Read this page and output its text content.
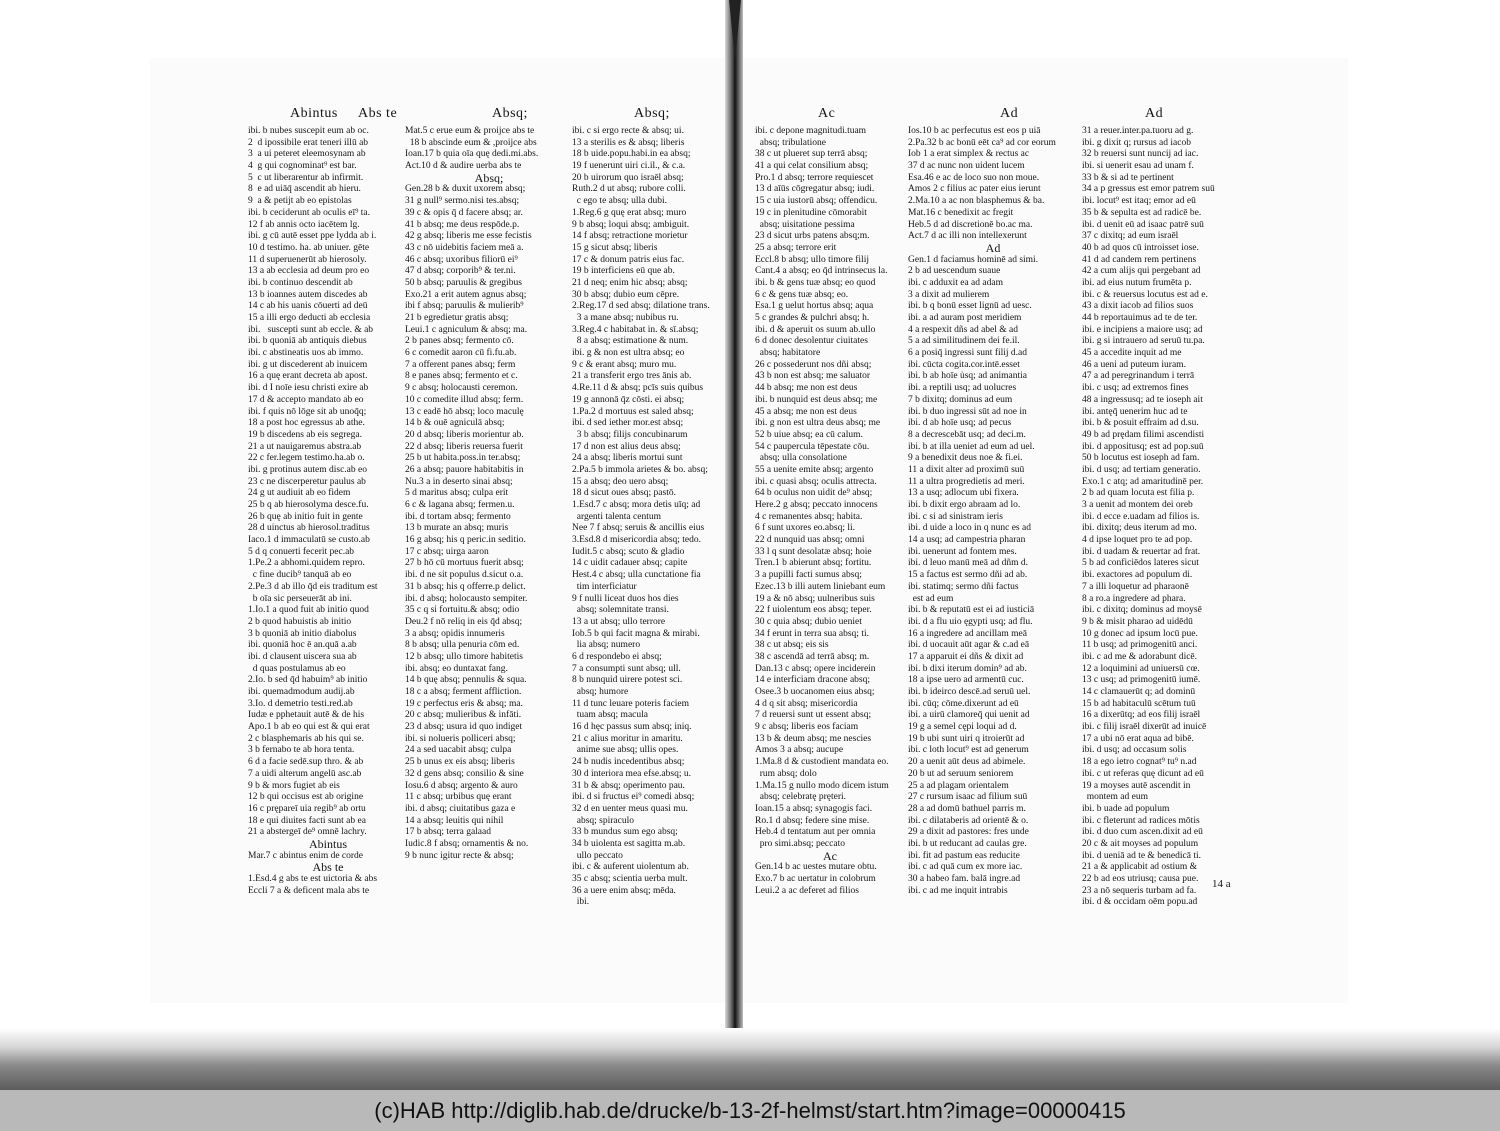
Abintus Abs te
ibi. b nubes suscepit eum ab oc.
2  d ipossibile erat teneri illū ab
3  a ui peteret eleemosynam ab
4  g qui cognominat⁹ est bar.
5  c ut liberarentur ab infirmit.
8  e ad uiāq̄ ascendit ab hieru.
9  a & petijt ab eo epistolas
ibi. b ceciderunt ab oculis eī⁹ ta.
12 f ab annis octo iacētem lg.
ibi. g cū autē esset ppe lydda ab i.
10 d testimo. ha. ab uniuer. gēte
11 d superuenerūt ab hierosoly.
13 a ab ecclesia ad deum pro eo
ibi. b continuo descendit ab
13 b ioannes autem discedes ab
14 c ab his uanis cōuerti ad deū
15 a illi ergo deducti ab ecclesia
ibi.   suscepti sunt ab eccle. & ab
ibi. b quoniā ab antiquis diebus
ibi. c abstineatis uos ab immo.
ibi. g ut discederent ab inuicem
16 a quę erant decreta ab apost.
ibi. d I noīe iesu christi exire ab
17 d & accepto mandato ab eo
ibi. f quis nō lōge sit ab unoq̄q;
18 a post hoc egressus ab athe.
19 b discedens ab eis segrega.
21 a ut nauigaremus abstra.ab
22 c fer.legem testimo.ha.ab o.
ibi. g protinus autem disc.ab eo
23 c ne discerperetur paulus ab
24 g ut audiuit ab eo fidem
25 b q ab hierosolyma desce.fu.
26 b quę ab initio fuit in gente
28 d uinctus ab hierosol.traditus
Iaco.1 d immaculatū se custo.ab
5 d q conuerti fecerit pec.ab
1.Pe.2 a abhomi.quidem repro.
c fine ducib⁹ tanquā ab eo
2.Pe.3 d ab illo q̄d eis traditum est
b oīa sic perseuerāt ab ini.
1.Io.1 a quod fuit ab initio quod
2 b quod habuistis ab initio
3 b quoniā ab initio diabolus
ibi. quoniā hoc ē an.quā a.ab
ibi. d clausent uiscera sua ab
d quas postulamus ab eo
2.Io. b sed q̄d habuim⁹ ab initio
ibi. quemadmodum audij.ab
3.Io. d demetrio testi.red.ab
Iudæ e pphetauit autē & de his
Apo.1 b ab eo qui est & qui erat
2 c blasphemaris ab his qui se.
3 b fernabo te ab hora tenta.
6 d a facie sedē.sup thro. & ab
7 a uidi alterum angelū asc.ab
9 b & mors fugiet ab eis
12 b qui occisus est ab origine
16 c prępareī uia regib⁹ ab ortu
18 e qui diuites facti sunt ab ea
21 a abstergeī de⁹ omnē lachry.
Abintus
Mar.7 c abintus enim de corde
Abs te
1.Esd.4 g abs te est uictoria & abs
Eccli 7 a & deficent mala abs te
Absq;
Mat.5 c erue eum & proijce abs te
18 b abscinde eum & ,proijce abs
Ioan.17 b quia oīa quę dedi.mi.abs.
Act.10 d & audire uerba abs te
Absq;
Gen.28 b & duxit uxorem absq;
31 g null⁹ sermo.nisi tes.absq;
39 c & opis q̄ d facere absq; ar.
41 b absq; me deus respōde.p.
42 g absq; liberis me esse fecistis
43 c nō uidebitis faciem meā a.
46 c absq; uxoribus filiorū ei⁹
47 d absq; corporib⁹ & ter.ni.
50 b absq; paruulis & gregibus
Exo.21 a erit autem agnus absq;
ibi f absq; paruulis & mulierib⁹
21 b egredietur gratis absq;
Leui.1 c agniculum & absq; ma.
2 b panes absq; fermento cō.
6 c comedit aaron cū fi.fu.ab.
7 a offerent panes absq; ferm
8 e panes absq; fermento et c.
9 c absq; holocausti ceremon.
10 c comedite illud absq; ferm.
13 c eadē hō absq; loco maculę
14 b & ouē agniculā absq;
20 d absq; liberis morientur ab.
22 d absq; liberis reuersa fuerit
25 b ut habita.poss.in ter.absq;
26 a absq; pauore habitabitis in
Nu.3 a in deserto sinai absq;
5 d maritus absq; culpa erit
6 c & lagana absq; fermen.u.
ibi. d tortam absq; fermento
13 b murate an absq; muris
16 g absq; his q peric.in seditio.
17 c absq; uirga aaron
27 b hō cū mortuus fuerit absq;
ibi. d ne sit populus d.sicut o.a.
31 b absq; his q offerre.p delict.
ibi. d absq; holocausto sempiter.
35 c q si fortuitu.& absq; odio
Deu.2 f nō reliq in eis q̄d absq;
3 a absq; opidis innumeris
8 b absq; ulla penuria cōm ed.
12 b absq; ullo timore habitetis
ibi. absq; eo duntaxat fang.
14 b quę absq; pennulis & squa.
18 c a absq; ferment affliction.
19 c perfectus eris & absq; ma.
20 c absq; mulieribus & infāti.
23 d absq; usura id quo indiget
ibi. si nolueris polliceri absq;
24 a sed uacabit absq; culpa
25 b unus ex eis absq; liberis
32 d gens absq; consilio & sine
Iosu.6 d absq; argento & auro
11 c absq; urbibus quę erant
ibi. d absq; ciuitatibus gaza e
14 a absq; leuitis qui nihil
17 b absq; terra galaad
Iudic.8 f absq; ornamentis & no.
9 b nunc igitur recte & absq;
Absq;
ibi. c si ergo recte & absq; ui.
13 a sterilis es & absq; liberis
18 b uide.popu.habi.in ea absq;
19 f uenerunt uiri ci.il., & c.a.
20 b uirorum quo israēl absq;
Ruth.2 d ut absq; rubore colli.
c ego te absq; ulla dubi.
1.Reg.6 g quę erat absq; muro
9 b absq; loqui absq; ambiguit.
14 f absq; retractione morietur
15 g sicut absq; liberis
17 c & donum patris eius fac.
19 b interficiens eū que ab.
21 d neq; enim hic absq; absq;
30 b absq; dubio eum cēpre.
2.Reg.17 d sed absq; dilatione trans.
3 a mane absq; nubibus ru.
3.Reg.4 c habitabat in. & sī.absq;
8 a absq; estimatione & num.
ibi. g & non est ultra absq; eo
9 c & erant absq; muro mu.
21 a transferit ergo tres ānis ab.
4.Re.11 d & absq; pcīs suis quibus
19 g annonā q̄z cōsti. ei absq;
1.Pa.2 d mortuus est saled absq;
ibi. d sed iether mor.est absq;
3 b absq; filijs concubinarum
17 d non est alius deus absq;
24 a absq; liberis mortui sunt
2.Pa.5 b immola arietes & bo. absq;
15 a absq; deo uero absq;
18 d sicut oues absq; pastō.
1.Esd.7 c absq; mora detis uīq; ad
argenti talenta centum
Nee 7 f absq; seruis & ancillis eius
3.Esd.8 d misericordia absq; tedo.
Iudit.5 c absq; scuto & gladio
14 c uidit cadauer absq; capite
Hest.4 c absq; ulla cunctatione fia
tim interficiatur
9 f nulli liceat duos hos dies
absq; solemnitate transi.
13 a ut absq; ullo terrore
Iob.5 b qui facit magna & mirabi.
lia absq; numero
6 d respondebo ei absq;
7 a consumpti sunt absq; ull.
8 b nunquid uirere potest sci.
absq; humore
11 d tunc leuare poteris faciem
tuam absq; macula
16 d hęc passus sum absq; iniq.
21 c alius moritur in amaritu.
anime sue absq; ullis opes.
24 b nudis incedentibus absq;
30 d interiora mea efse.absq; u.
31 b & absq; operimento pau.
ibi. d si fructus ei⁹ comedi absq;
32 d en uenter meus quasi mu.
absq; spiraculo
33 b mundus sum ego absq;
34 b uiolenta est sagitta m.ab.
ullo peccato
ibi. c & auferent uiolentum ab.
35 c absq; scientia uerba mult.
36 a uere enim absq; mēda.
ibi.
Ac
ibi. c depone magnitudi.tuam
absq; tribulatione
38 c ut plueret sup terrā absq;
41 a qui celat consilium absq;
Pro.1 d absq; terrore requiescet
13 d aīūs cōgregatur absq; iudi.
15 c uia iustorū absq; offendicu.
19 c in plenitudine cōmorabit
absq; uisitatione pessima
23 d sicut urbs patens absq;m.
25 a absq; terrore erit
Eccl.8 b absq; ullo timore filij
Cant.4 a absq; eo q̄d intrinsecus la.
ibi. b & gens tuæ absq; eo quod
6 c & gens tuæ absq; eo.
Esa.1 g uelut hortus absq; aqua
5 c grandes & pulchri absq; h.
ibi. d & aperuit os suum ab.ullo
6 d donec desolentur ciuitates
absq; habitatore
26 c possederunt nos dñi absq;
43 b non est absq; me saluator
44 b absq; me non est deus
ibi. b nunquid est deus absq; me
45 a absq; me non est deus
ibi. g non est ultra deus absq; me
52 b uiue absq; ea cū calum.
54 c paupercula tēpestate cōu.
absq; ulla consolatione
55 a uenite emite absq; argento
ibi. c quasi absq; oculis attrecta.
64 b oculus non uidit de⁹ absq;
Here.2 g absq; peccato innocens
4 c remanentes absq; habita.
6 f sunt uxores eo.absq; li.
22 d nunquid uas absq; omni
33 l q sunt desolatæ absq; hoie
Tren.1 b abierunt absq; fortitu.
3 a pupilli facti sumus absq;
Ezec.13 b illi autem liniebant eum
19 a & nō absq; uulneribus suis
22 f uiolentum eos absq; teper.
30 c quia absq; dubio ueniet
34 f erunt in terra sua absq; ti.
38 c ut absq; eis sis
38 c ascendā ad terrā absq; m.
Dan.13 c absq; opere inciderein
14 e interficiam dracone absq;
Osee.3 b uocanomen eius absq;
4 d q sit absq; misericordia
7 d reuersi sunt ut essent absq;
9 c absq; liberis eos faciam
13 b & deum absq; me nescies
Amos 3 a absq; aucupe
1.Ma.8 d & custodient mandata eo.
rum absq; dolo
1.Ma.15 g nullo modo dicem istum
absq; celebratę pręteri.
Ioan.15 a absq; synagogis faci.
Ro.1 d absq; federe sine mise.
Heb.4 d tentatum aut per omnia
pro simi.absq; peccato
Ac
Gen.14 b ac uestes mutare obtu.
Exo.7 b ac uertatur in colobrum
Leui.2 a ac deferet ad filios
Ad
Ios.10 b ac perfecutus est eos p uiā
2.Pa.32 b ac bonū eēt ca⁹ ad cor eorum
Iob 1 a erat simplex & rectus ac
37 d ac nunc non uident lucem
Esa.46 e ac de loco suo non moue.
Amos 2 c filius ac pater eius ierunt
2.Ma.10 a ac non blasphemus & ba.
Mat.16 c benedixit ac fregit
Heb.5 d ad discretionē bo.ac ma.
Act.7 d ac illi non intellexerunt
Ad
Gen.1 d faciamus hominē ad simi.
2 b ad uescendum suaue
ibi. c adduxit ea ad adam
3 a dixit ad mulierem
ibi. b q bonū esset lignū ad uesc.
ibi. a ad auram post meridiem
4 a respexit dñs ad abel & ad
5 a ad similitudinem dei fe.il.
6 a posiq̄ ingressi sunt filij d.ad
ibi. cūcta cogita.cor.intē.esset
ibi. b ab hoīe u̇sq; ad animantia
ibi. a reptili usq; ad uolucres
7 b dixitq; dominus ad eum
ibi. b duo ingressi sūt ad noe in
ibi. d ab hoīe usq; ad pecus
8 a decrescebāt usq; ad deci.m.
ibi. b at illa ueniet ad eum ad uel.
9 a benedixit deus noe & fi.ei.
11 a dixit alter ad proximū suū
11 a ultra progredietis ad meri.
13 a usq; adlocum ubi fixera.
ibi. b dixit ergo abraam ad lo.
ibi. c si ad sinistram ieris
ibi. d uide a loco in q nunc es ad
14 a usq; ad campestria pharan
ibi. uenerunt ad fontem mes.
ibi. d leuo manū meā ad dñm d.
15 a factus est sermo dñi ad ab.
ibi. statimq; sermo dñi factus
est ad eum
ibi. b & reputatū est ei ad iusticiā
ibi. d a flu uio ęgypti usq; ad flu.
16 a ingredere ad ancillam meā
ibi. d uocauit aūt agar & c.ad eā
17 a apparuit ei dñs & dixit ad
ibi. b dixi iterum domin⁹ ad ab.
18 a ipse uero ad armentū cuc.
ibi. b ideirco descē.ad seruū uel.
ibi. cūq; cōme.dixerunt ad eū
ibi. a uirū clamoreq̄ qui uenit ad
19 g a semel cępi loqui ad d.
19 b ubi sunt uiri q itroierūt ad
ibi. c loth locut⁹ est ad generum
20 a uenit aūt deus ad abimele.
20 b ut ad seruum seniorem
25 a ad plagam orientalem
27 c rursum isaac ad filium suū
28 a ad domū bathuel parris m.
ibi. c dilataberis ad orientē & o.
29 a dixit ad pastores: fres unde
ibi. b ut reducant ad caulas gre.
ibi. fit ad pastum eas reducite
ibi. c ad quā cum ex more iac.
30 a habeo fam. balā ingre.ad
ibi. c ad me inquit intrabis
Ad
31 a reuer.inter.pa.tuoru ad g.
ibi. g dixit q; rursus ad iacob
32 b reuersi sunt nuncij ad iac.
ibi. si uenerit esau ad unam f.
33 b & si ad te pertinent
34 a p gressus est emor patrem suū
ibi. locut⁹ est itaq; emor ad eū
35 b & sepulta est ad radicē be.
ibi. d uenit eū ad isaac patrē suū
37 c dixitq; ad eum israēl
40 b ad quos cū introisset iose.
41 d ad candem rem pertinens
42 a cum alijs qui pergebant ad
ibi. ad eius nutum frumēta p.
ibi. c & reuersus locutus est ad e.
43 a dixit iacob ad filios suos
44 b reportauimus ad te de ter.
ibi. e incipiens a maiore usq; ad
ibi. g si intrauero ad seruū tu.pa.
45 a accedite inquit ad me
46 a ueni ad puteum iuram.
47 a ad peregrinandum i terrā
ibi. c usq; ad extremos fines
48 a ingressusq; ad te ioseph ait
ibi. antęq̄ uenerim huc ad te
ibi. b & posuit effraim ad d.su.
49 b ad prędam filimi ascendisti
ibi. d appositusq; est ad pop.suū
50 b locutus est ioseph ad fam.
ibi. d usq; ad tertiam generatio.
Exo.1 c atq; ad amaritudinē per.
2 b ad quam locuta est filia p.
3 a uenit ad montem dei oreb
ibi. d ecce e.uadam ad filios is.
ibi. dixitq; deus iterum ad mo.
4 d ipse loquet pro te ad pop.
ibi. d uadam & reuertar ad frat.
5 b ad conficiēdos lateres sicut
ibi. exactores ad populum di.
7 a illi loquetur ad pharaonē
8 a ro.a ingredere ad phara.
ibi. c dixitq; dominus ad moysē
9 b & misit pharao ad uidēdū
10 g donec ad ipsum locū pue.
11 b usq; ad primogenitū anci.
ibi. c ad me & adorabunt dicē.
12 a loquimini ad uniuersū cœ.
13 c usq; ad primogenitū iumē.
14 c clamauerūt q; ad dominū
15 b ad habitaculū scētum tuū
16 a dixerūtq; ad eos filij israēl
ibi. c filij israēl dixerūt ad inuicē
17 a ubi nō erat aqua ad bibē.
ibi. d usq; ad occasum solis
18 a ego ietro cognat⁹ tu⁹ n.ad
ibi. c ut referas quę dicunt ad eū
19 a moyses autē ascendit in
montem ad eum
ibi. b uade ad populum
ibi. c fleterunt ad radices mōtis
ibi. d duo cum ascen.dixit ad eū
20 c & ait moyses ad populum
ibi. d ueniā ad te & benedicā ti.
21 a & applicabit ad ostium &
22 b ad eos utriusq; causa pue.
23 a nō sequeris turbam ad fa.
ibi. d & occidam oēm popu.ad
14 a
(c)HAB http://diglib.hab.de/drucke/b-13-2f-helmst/start.htm?image=00000415
